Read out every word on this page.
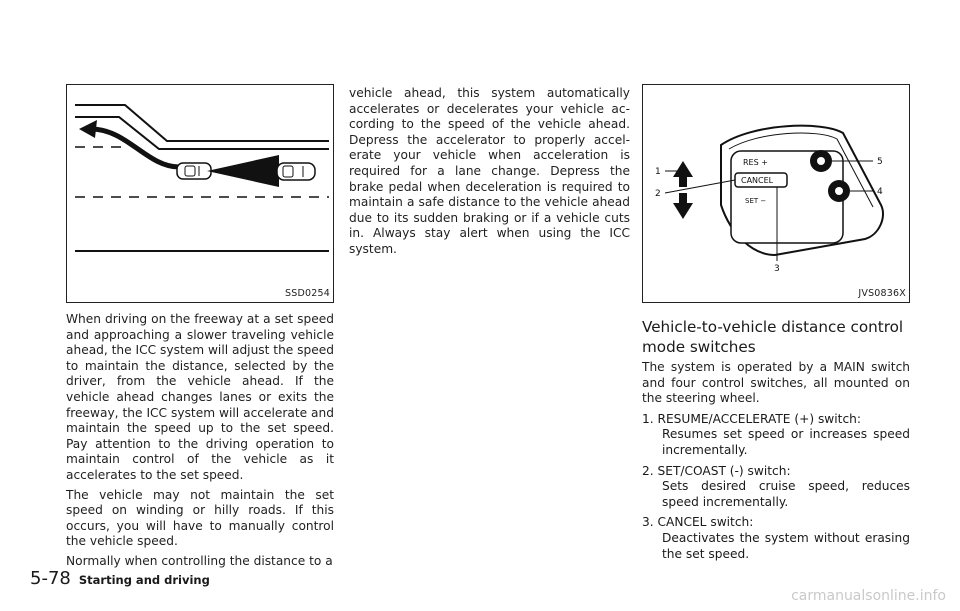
SSD0254
RES +
CANCEL
SET −
1
2
3
4
5
JVS0836X

When driving on the freeway at a set speed and approaching a slower traveling vehicle ahead, the ICC system will adjust the speed to maintain the distance, selected by the driver, from the vehicle ahead. If the vehicle ahead changes lanes or exits the freeway, the ICC system will accelerate and maintain the speed up to the set speed. Pay attention to the driving operation to maintain control of the vehicle as it accelerates to the set speed.

The vehicle may not maintain the set speed on winding or hilly roads. If this occurs, you will have to manually control the vehicle speed.

Normally when controlling the distance to a

vehicle ahead, this system automatically accelerates or decelerates your vehicle ac-cording to the speed of the vehicle ahead. Depress the accelerator to properly accel-erate your vehicle when acceleration is required for a lane change. Depress the brake pedal when deceleration is required to maintain a safe distance to the vehicle ahead due to its sudden braking or if a vehicle cuts in. Always stay alert when using the ICC system.

Vehicle-to-vehicle distance control
mode switches

The system is operated by a MAIN switch and four control switches, all mounted on the steering wheel.

1. RESUME/ACCELERATE (+) switch:
Resumes set speed or increases speed incrementally.
2. SET/COAST (-) switch:
Sets desired cruise speed, reduces speed incrementally.
3. CANCEL switch:
Deactivates the system without erasing the set speed.
5-78 Starting and driving
carmanualsonline.info
